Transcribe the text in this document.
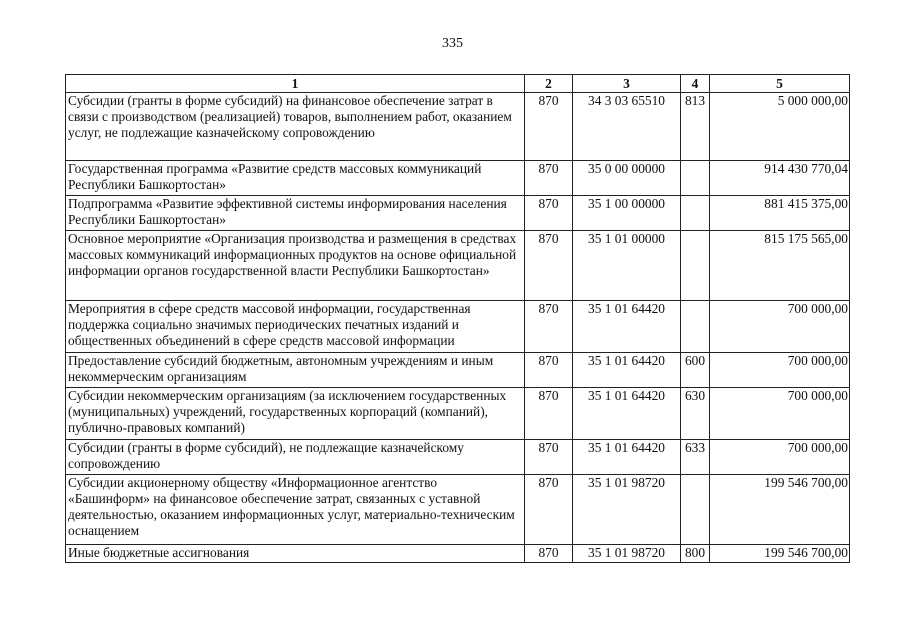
335
1	2	3	4	5
Субсидии (гранты в форме субсидий) на финансовое обеспечение затрат в связи с производством (реализацией) товаров, выполнением работ, оказанием услуг, не подлежащие казначейскому сопровождению	870	34 3 03 65510	813	5 000 000,00
Государственная программа «Развитие средств массовых коммуникаций Республики Башкортостан»	870	35 0 00 00000		914 430 770,04
Подпрограмма «Развитие эффективной системы информирования населения Республики Башкортостан»	870	35 1 00 00000		881 415 375,00
Основное мероприятие «Организация производства и размещения в средствах массовых коммуникаций информационных продуктов на основе официальной информации органов государственной власти Республики Башкортостан»	870	35 1 01 00000		815 175 565,00
Мероприятия в сфере средств массовой информации, государственная поддержка социально значимых периодических печатных изданий и общественных объединений в сфере средств массовой информации	870	35 1 01 64420		700 000,00
Предоставление субсидий бюджетным, автономным учреждениям и иным некоммерческим организациям	870	35 1 01 64420	600	700 000,00
Субсидии некоммерческим организациям (за исключением государственных (муниципальных) учреждений, государственных корпораций (компаний), публично-правовых компаний)	870	35 1 01 64420	630	700 000,00
Субсидии (гранты в форме субсидий), не подлежащие казначейскому сопровождению	870	35 1 01 64420	633	700 000,00
Субсидии акционерному обществу «Информационное агентство «Башинформ» на финансовое обеспечение затрат, связанных с уставной деятельностью, оказанием информационных услуг, материально-техническим оснащением	870	35 1 01 98720		199 546 700,00
Иные бюджетные ассигнования	870	35 1 01 98720	800	199 546 700,00
